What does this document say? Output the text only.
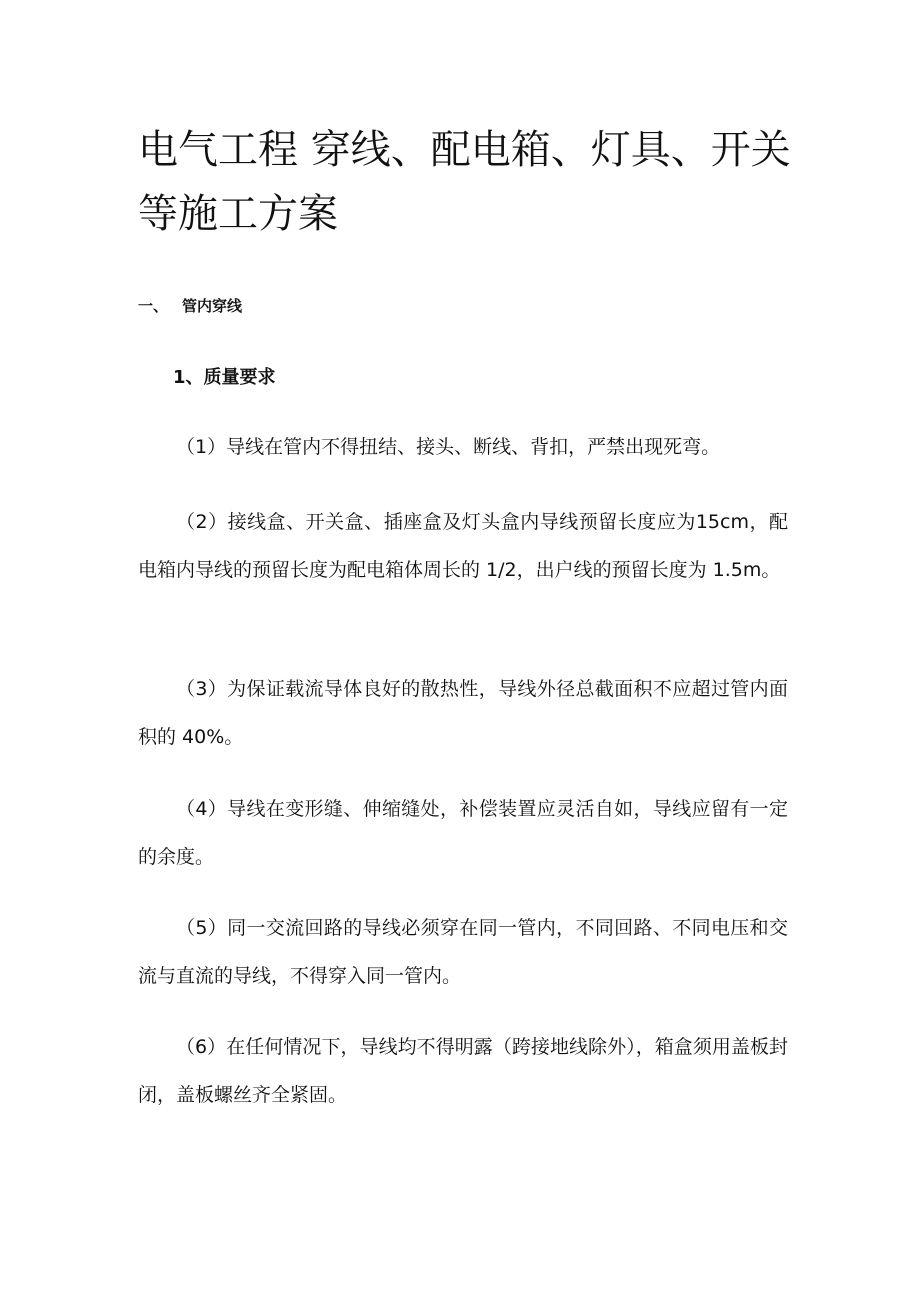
电气工程 穿线、配电箱、灯具、开关等施工方案
一、 管内穿线
1、质量要求

（1）导线在管内不得扭结、接头、断线、背扣，严禁出现死弯。

（2）接线盒、开关盒、插座盒及灯头盒内导线预留长度应为15cm，配电箱内导线的预留长度为配电箱体周长的 1/2，出户线的预留长度为 1.5m。

（3）为保证载流导体良好的散热性，导线外径总截面积不应超过管内面积的 40%。

（4）导线在变形缝、伸缩缝处，补偿装置应灵活自如，导线应留有一定的余度。

（5）同一交流回路的导线必须穿在同一管内，不同回路、不同电压和交流与直流的导线，不得穿入同一管内。

（6）在任何情况下，导线均不得明露（跨接地线除外），箱盒须用盖板封闭，盖板螺丝齐全紧固。
